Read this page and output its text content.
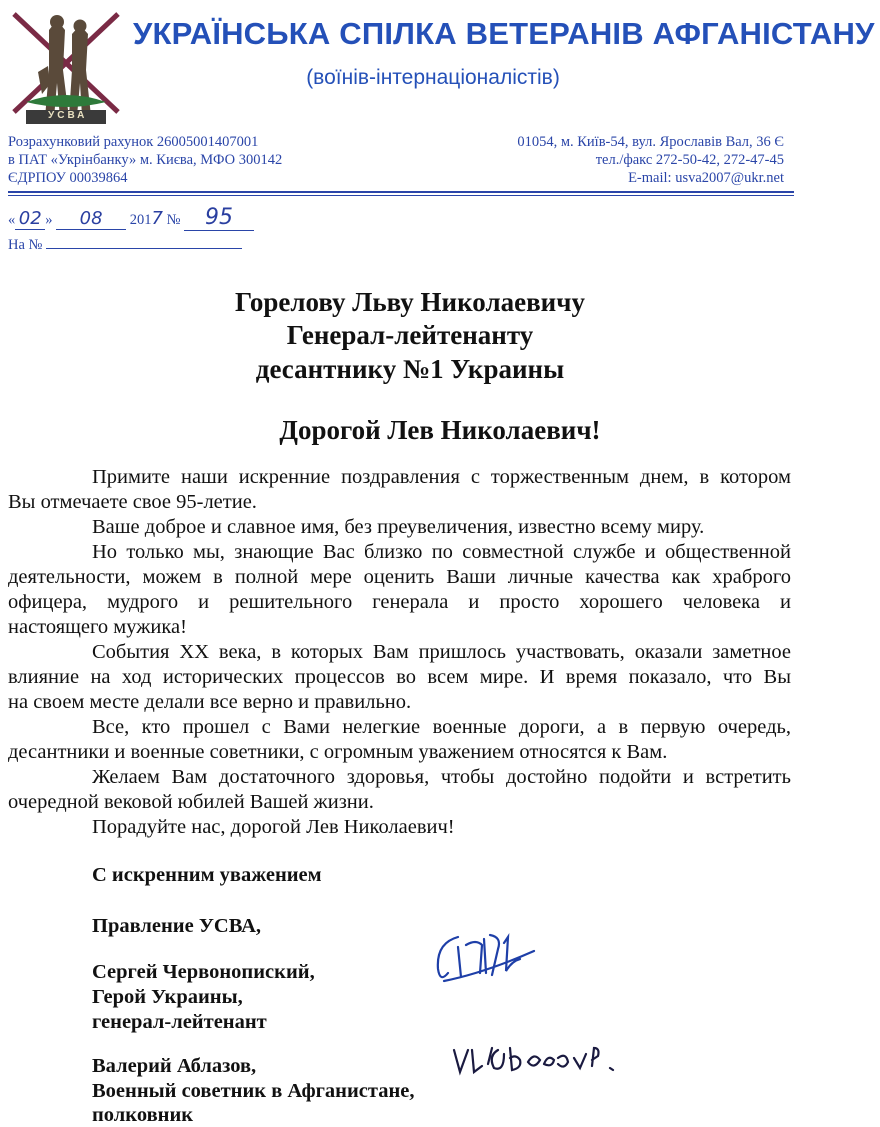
УСВА
УКРАЇНСЬКА СПІЛКА ВЕТЕРАНІВ АФГАНІСТАНУ
(воїнів-інтернаціоналістів)
Розрахунковий рахунок 26005001407001
в ПАТ «Укрінбанку» м. Києва, МФО 300142
ЄДРПОУ 00039864
01054, м. Київ-54, вул. Ярославів Вал, 36 Є
тел./факс 272-50-42, 272-47-45
E-mail: usva2007@ukr.net
« 02 » 08 2017 № 95
На №
Горелову Льву Николаевичу
Генерал-лейтенанту
десантнику №1 Украины
Дорогой Лев Николаевич!
Примите наши искренние поздравления с торжественным днем, в котором
Вы отмечаете свое 95-летие.
Ваше доброе и славное имя, без преувеличения, известно всему миру.
Но только мы, знающие Вас близко по совместной службе и общественной
деятельности, можем в полной мере оценить Ваши личные качества как храброго
офицера, мудрого и решительного генерала и просто хорошего человека и
настоящего мужика!
События ХХ века, в которых Вам пришлось участвовать, оказали заметное
влияние на ход исторических процессов во всем мире. И время показало, что Вы
на своем месте делали все верно и правильно.
Все, кто прошел с Вами нелегкие военные дороги, а в первую очередь,
десантники и военные советники, с огромным уважением относятся к Вам.
Желаем Вам достаточного здоровья, чтобы достойно подойти и встретить
очередной вековой юбилей Вашей жизни.
Порадуйте нас, дорогой Лев Николаевич!
С искренним уважением
Правление УСВА,
Сергей Червонопиский,
Герой Украины,
генерал-лейтенант
Валерий Аблазов,
Военный советник в Афганистане,
полковник
